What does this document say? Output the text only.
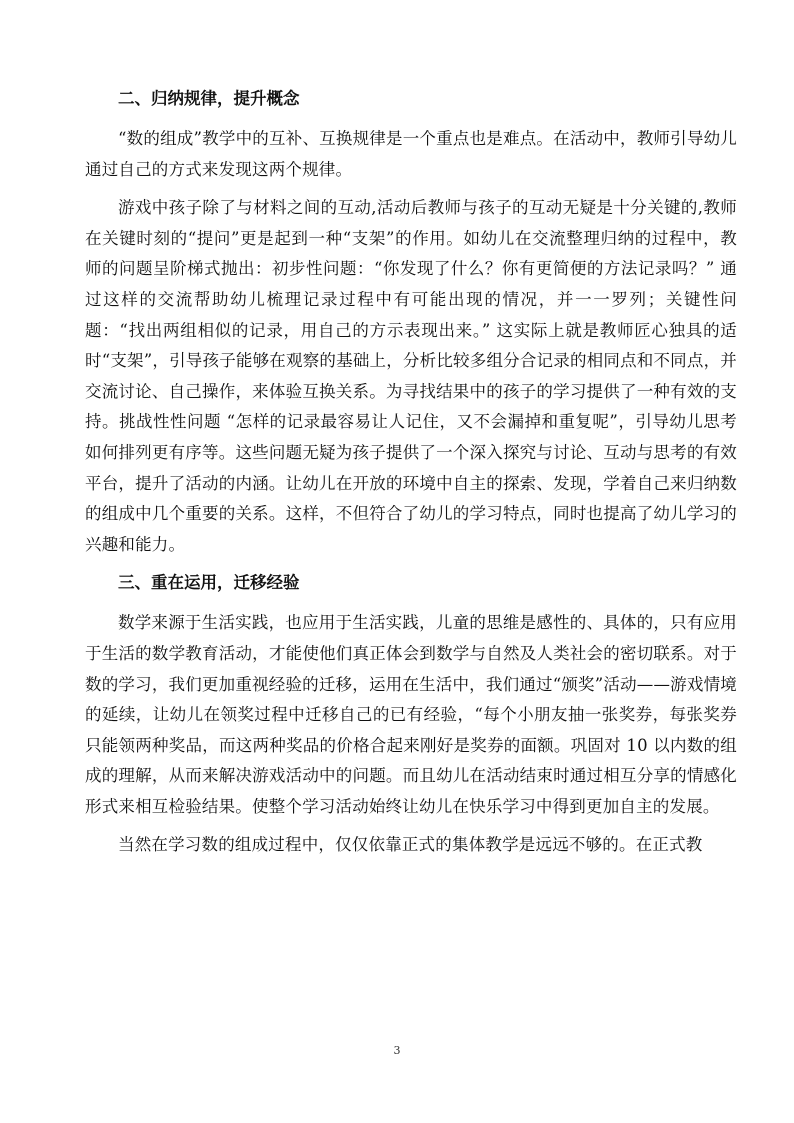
二、归纳规律，提升概念

“数的组成”教学中的互补、互换规律是一个重点也是难点。在活动中，教师引导幼儿通过自己的方式来发现这两个规律。

游戏中孩子除了与材料之间的互动,活动后教师与孩子的互动无疑是十分关键的,教师在关键时刻的“提问”更是起到一种“支架”的作用。如幼儿在交流整理归纳的过程中，教师的问题呈阶梯式抛出：初步性问题：“你发现了什么？你有更简便的方法记录吗？” 通过这样的交流帮助幼儿梳理记录过程中有可能出现的情况，并一一罗列；关键性问题：“找出两组相似的记录，用自己的方示表现出来。” 这实际上就是教师匠心独具的适时“支架”，引导孩子能够在观察的基础上，分析比较多组分合记录的相同点和不同点，并交流讨论、自己操作，来体验互换关系。为寻找结果中的孩子的学习提供了一种有效的支持。挑战性性问题 “怎样的记录最容易让人记住，又不会漏掉和重复呢”，引导幼儿思考如何排列更有序等。这些问题无疑为孩子提供了一个深入探究与讨论、互动与思考的有效平台，提升了活动的内涵。让幼儿在开放的环境中自主的探索、发现，学着自己来归纳数的组成中几个重要的关系。这样，不但符合了幼儿的学习特点，同时也提高了幼儿学习的兴趣和能力。

三、重在运用，迁移经验

数学来源于生活实践，也应用于生活实践，儿童的思维是感性的、具体的，只有应用于生活的数学教育活动，才能使他们真正体会到数学与自然及人类社会的密切联系。对于数的学习，我们更加重视经验的迁移，运用在生活中，我们通过“颁奖”活动——游戏情境的延续，让幼儿在领奖过程中迁移自己的已有经验，“每个小朋友抽一张奖券，每张奖券只能领两种奖品，而这两种奖品的价格合起来刚好是奖券的面额。巩固对 10 以内数的组成的理解，从而来解决游戏活动中的问题。而且幼儿在活动结束时通过相互分享的情感化形式来相互检验结果。使整个学习活动始终让幼儿在快乐学习中得到更加自主的发展。

当然在学习数的组成过程中，仅仅依靠正式的集体教学是远远不够的。在正式教

3
